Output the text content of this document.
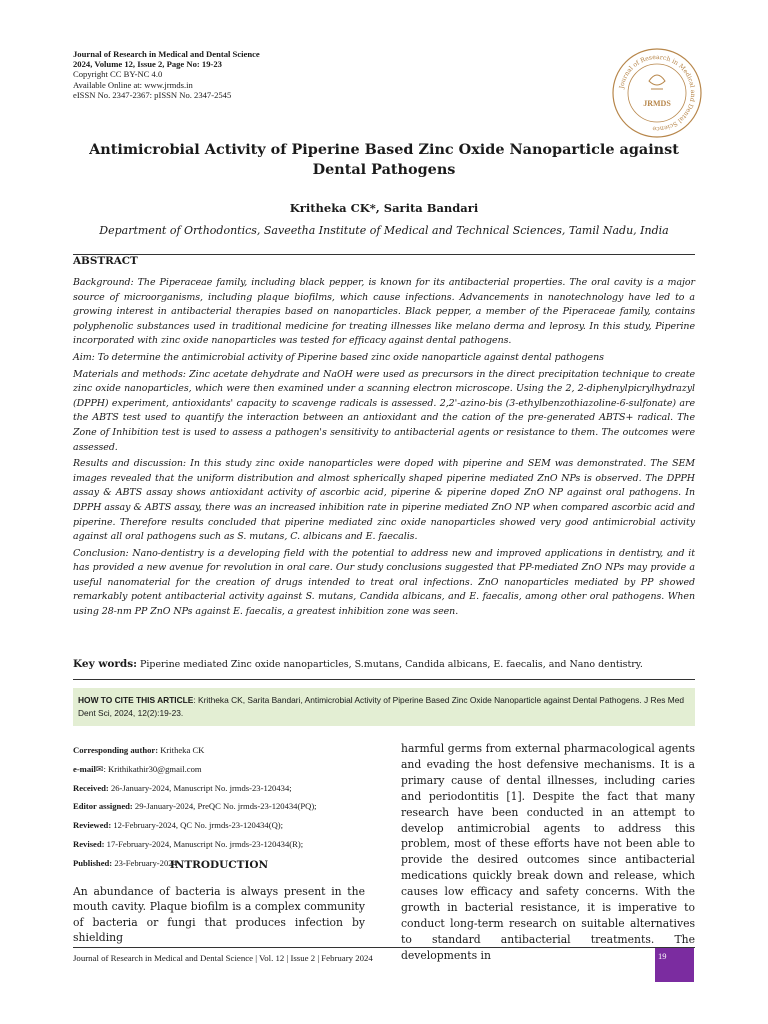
Journal of Research in Medical and Dental Science
2024, Volume 12, Issue 2, Page No: 19-23
Copyright CC BY-NC 4.0
Available Online at: www.jrmds.in
eISSN No. 2347-2367: pISSN No. 2347-2545
Journal of Research in Medical and Dental Science
JRMDS
Antimicrobial Activity of Piperine Based Zinc Oxide Nanoparticle against Dental Pathogens
Kritheka CK*, Sarita Bandari
Department of Orthodontics, Saveetha Institute of Medical and Technical Sciences, Tamil Nadu, India
ABSTRACT

Background: The Piperaceae family, including black pepper, is known for its antibacterial properties. The oral cavity is a major source of microorganisms, including plaque biofilms, which cause infections. Advancements in nanotechnology have led to a growing interest in antibacterial therapies based on nanoparticles. Black pepper, a member of the Piperaceae family, contains polyphenolic substances used in traditional medicine for treating illnesses like melano derma and leprosy. In this study, Piperine incorporated with zinc oxide nanoparticles was tested for efficacy against dental pathogens.

Aim: To determine the antimicrobial activity of Piperine based zinc oxide nanoparticle against dental pathogens

Materials and methods: Zinc acetate dehydrate and NaOH were used as precursors in the direct precipitation technique to create zinc oxide nanoparticles, which were then examined under a scanning electron microscope. Using the 2, 2-diphenylpicrylhydrazyl (DPPH) experiment, antioxidants' capacity to scavenge radicals is assessed. 2,2'-azino-bis (3-ethylbenzothiazoline-6-sulfonate) are the ABTS test used to quantify the interaction between an antioxidant and the cation of the pre-generated ABTS+ radical. The Zone of Inhibition test is used to assess a pathogen's sensitivity to antibacterial agents or resistance to them. The outcomes were assessed.

Results and discussion: In this study zinc oxide nanoparticles were doped with piperine and SEM was demonstrated. The SEM images revealed that the uniform distribution and almost spherically shaped piperine mediated ZnO NPs is observed. The DPPH assay & ABTS assay shows antioxidant activity of ascorbic acid, piperine & piperine doped ZnO NP against oral pathogens. In DPPH assay & ABTS assay, there was an increased inhibition rate in piperine mediated ZnO NP when compared ascorbic acid and piperine. Therefore results concluded that piperine mediated zinc oxide nanoparticles showed very good antimicrobial activity against all oral pathogens such as S. mutans, C. albicans and E. faecalis.

Conclusion: Nano-dentistry is a developing field with the potential to address new and improved applications in dentistry, and it has provided a new avenue for revolution in oral care. Our study conclusions suggested that PP-mediated ZnO NPs may provide a useful nanomaterial for the creation of drugs intended to treat oral infections. ZnO nanoparticles mediated by PP showed remarkably potent antibacterial activity against S. mutans, Candida albicans, and E. faecalis, among other oral pathogens. When using 28-nm PP ZnO NPs against E. faecalis, a greatest inhibition zone was seen.

Key words: Piperine mediated Zinc oxide nanoparticles, S.mutans, Candida albicans, E. faecalis, and Nano dentistry.
HOW TO CITE THIS ARTICLE: Kritheka CK, Sarita Bandari, Antimicrobial Activity of Piperine Based Zinc Oxide Nanoparticle against Dental Pathogens. J Res Med Dent Sci, 2024, 12(2):19-23.
Corresponding author: Kritheka CK
e-mail✉: Krithikathir30@gmail.com
Received: 26-January-2024, Manuscript No. jrmds-23-120434;
Editor assigned: 29-January-2024, PreQC No. jrmds-23-120434(PQ);
Reviewed: 12-February-2024, QC No. jrmds-23-120434(Q);
Revised: 17-February-2024, Manuscript No. jrmds-23-120434(R);
Published: 23-February-2024
INTRODUCTION

An abundance of bacteria is always present in the mouth cavity. Plaque biofilm is a complex community of bacteria or fungi that produces infection by shielding

harmful germs from external pharmacological agents and evading the host defensive mechanisms. It is a primary cause of dental illnesses, including caries and periodontitis [1]. Despite the fact that many research have been conducted in an attempt to develop antimicrobial agents to address this problem, most of these efforts have not been able to provide the desired outcomes since antibacterial medications quickly break down and release, which causes low efficacy and safety concerns. With the growth in bacterial resistance, it is imperative to conduct long-term research on suitable alternatives to standard antibacterial treatments. The developments in

Journal of Research in Medical and Dental Science | Vol. 12 | Issue 2 | February 2024	19
